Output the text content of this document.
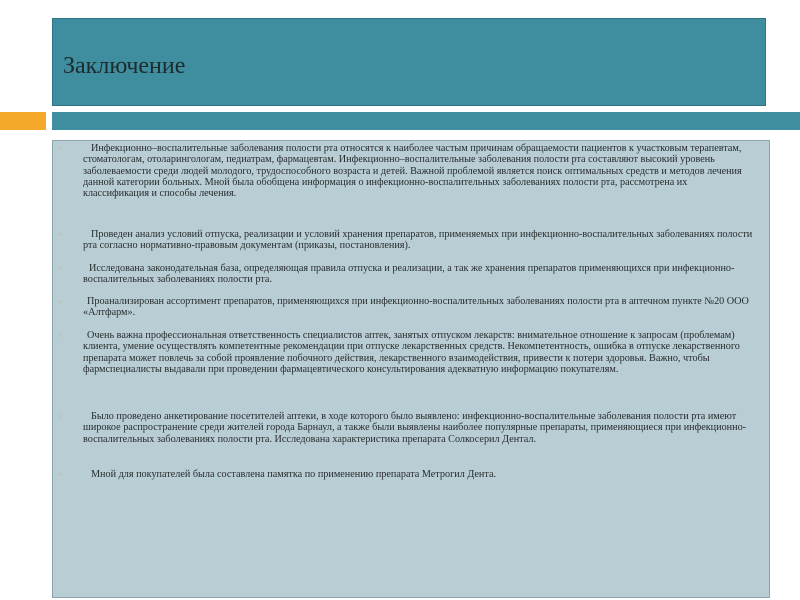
Заключение
▫	Инфекционно–воспалительные заболевания полости рта относятся к наиболее частым причинам обращаемости пациентов к участковым терапевтам, стоматологам, отоларингологам, педиатрам, фармацевтам. Инфекционно–воспалительные заболевания полости рта составляют высокий уровень заболеваемости среди людей молодого, трудоспособного возраста и детей. Важной проблемой является поиск оптимальных средств и методов лечения данной категории больных. Мной была обобщена информация о инфекционно-воспалительных заболеваниях полости рта, рассмотрена их классификация и способы лечения.
▫	Проведен анализ условий отпуска, реализации и условий хранения препаратов, применяемых при инфекционно-воспалительных заболеваниях полости рта согласно нормативно-правовым документам (приказы, постановления).
▫	Исследована законодательная база, определяющая правила отпуска и реализации, а так же хранения препаратов применяющихся при инфекционно-воспалительных заболеваниях полости рта.
▫	Проанализирован ассортимент препаратов, применяющихся при инфекционно-воспалительных заболеваниях полости рта в аптечном пункте №20 ООО «Алтфарм».
▫	Очень важна профессиональная ответственность специалистов аптек, занятых отпуском лекарств: внимательное отношение к запросам (проблемам) клиента, умение осуществлять компетентные рекомендации при отпуске лекарственных средств. Некомпетентность, ошибка в отпуске лекарственного препарата может повлечь за собой проявление побочного действия, лекарственного взаимодействия, привести к потери здоровья. Важно, чтобы фармспециалисты выдавали при проведении фармацевтического консультирования адекватную информацию покупателям.
▫	Было проведено анкетирование посетителей аптеки, в ходе которого было выявлено: инфекционно-воспалительные заболевания полости рта имеют широкое распространение среди жителей города Барнаул, а также были выявлены наиболее популярные препараты, применяющиеся при инфекционно-воспалительных заболеваниях полости рта. Исследована характеристика препарата Солкосерил Дентал.
▫	Мной для покупателей была составлена памятка по применению препарата Метрогил Дента.
